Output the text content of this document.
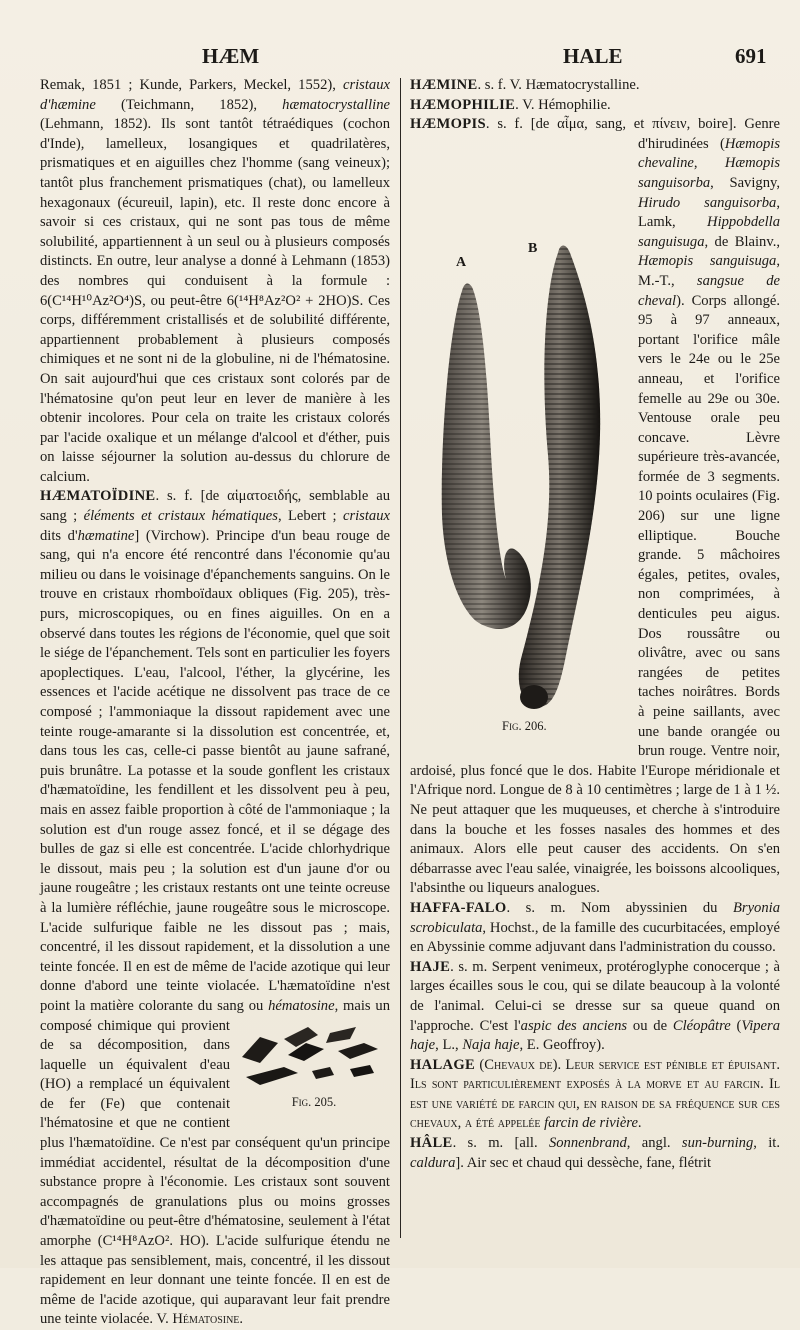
HÆM	HALE	691

Remak, 1851 ; Kunde, Parkers, Meckel, 1552), cristaux d'hæmine (Teichmann, 1852), hæmatocrystalline (Lehmann, 1852). Ils sont tantôt tétraédiques (cochon d'Inde), lamelleux, losangiques et quadrilatères, prismatiques et en aiguilles chez l'homme (sang veineux); tantôt plus franchement prismatiques (chat), ou lamelleux hexagonaux (écureuil, lapin), etc. Il reste donc encore à savoir si ces cristaux, qui ne sont pas tous de même solubilité, appartiennent à un seul ou à plusieurs composés distincts. En outre, leur analyse a donné à Lehmann (1853) des nombres qui conduisent à la formule : 6(C¹⁴H¹⁰Az²O⁴)S, ou peut-être 6(¹⁴H⁸Az²O² + 2HO)S. Ces corps, différemment cristallisés et de solubilité différente, appartiennent probablement à plusieurs composés chimiques et ne sont ni de la globuline, ni de l'hématosine. On sait aujourd'hui que ces cristaux sont colorés par de l'hématosine qu'on peut leur en lever de manière à les obtenir incolores. Pour cela on traite les cristaux colorés par l'acide oxalique et un mélange d'alcool et d'éther, puis on laisse séjourner la solution au-dessus du chlorure de calcium.

HÆMATOÏDINE. s. f. [de αἱματοειδής, semblable au sang ; éléments et cristaux hématiques, Lebert ; cristaux dits d'hæmatine] (Virchow). Principe d'un beau rouge de sang, qui n'a encore été rencontré dans l'économie qu'au milieu ou dans le voisinage d'épanchements sanguins. On le trouve en cristaux rhomboïdaux obliques (Fig. 205), très-purs, microscopiques, ou en fines aiguilles. On en a observé dans toutes les régions de l'économie, quel que soit le siége de l'épanchement. Tels sont en particulier les foyers apoplectiques. L'eau, l'alcool, l'éther, la glycérine, les essences et l'acide acétique ne dissolvent pas trace de ce composé ; l'ammoniaque la dissout rapidement avec une teinte rouge-amarante si la dissolution est concentrée, et, dans tous les cas, celle-ci passe bientôt au jaune safrané, puis brunâtre. La potasse et la soude gonflent les cristaux d'hæmatoïdine, les fendillent et les dissolvent peu à peu, mais en assez faible proportion à côté de l'ammoniaque ; la solution est d'un rouge assez foncé, et il se dégage des bulles de gaz si elle est concentrée. L'acide chlorhydrique le dissout, mais peu ; la solution est d'un jaune d'or ou jaune rougeâtre ; les cristaux restants ont une teinte ocreuse à la lumière réfléchie, jaune rougeâtre sous le microscope. L'acide sulfurique faible ne les dissout pas ; mais, concentré, il les dissout rapidement, et la dissolution a une teinte foncée. Il en est de même de l'acide azotique qui leur donne d'abord une teinte violacée. L'hæmatoïdine n'est point la matière colorante du sang ou
Fig. 205.
hématosine, mais un composé chimique qui provient de sa décomposition, dans laquelle un équivalent d'eau (HO) a remplacé un équivalent de fer (Fe) que contenait l'hématosine et que ne contient plus l'hæmatoïdine. Ce n'est par conséquent qu'un principe immédiat accidentel, résultat de la décomposition d'une substance propre à l'économie. Les cristaux sont souvent accompagnés de granulations plus ou moins grosses d'hæmatoïdine ou peut-être d'hématosine, seulement à l'état amorphe (C¹⁴H⁸AzO². HO). L'acide sulfurique étendu ne les attaque pas sensiblement, mais, concentré, il les dissout rapidement en leur donnant une teinte foncée. Il en est de même de l'acide azotique, qui auparavant leur fait prendre une teinte violacée. V. Hématosine.

HÆMINE. s. f. V. Hæmatocrystalline.

HÆMOPHILIE. V. Hémophilie.

HÆMOPIS. s. f. [de αἷμα, sang, et πίνειν, boire]. Genre d'hirudinées (
A
B
Fig. 206.
Hæmopis chevaline, Hæmopis sanguisorba, Savigny, Hirudo sanguisorba, Lamk, Hippobdella sanguisuga, de Blainv., Hæmopis sanguisuga, M.-T., sangsue de cheval). Corps allongé. 95 à 97 anneaux, portant l'orifice mâle vers le 24e ou le 25e anneau, et l'orifice femelle au 29e ou 30e. Ventouse orale peu concave. Lèvre supérieure très-avancée, formée de 3 segments. 10 points oculaires (Fig. 206) sur une ligne elliptique. Bouche grande. 5 mâchoires égales, petites, ovales, non comprimées, à denticules peu aigus. Dos roussâtre ou olivâtre, avec ou sans rangées de petites taches noirâtres. Bords à peine saillants, avec une bande orangée ou brun rouge. Ventre noir, ardoisé, plus foncé que le dos. Habite l'Europe méridionale et l'Afrique nord. Longue de 8 à 10 centimètres ; large de 1 à 1 ½. Ne peut attaquer que les muqueuses, et cherche à s'introduire dans la bouche et les fosses nasales des hommes et des animaux. Alors elle peut causer des accidents. On s'en débarrasse avec l'eau salée, vinaigrée, les boissons alcooliques, l'absinthe ou liqueurs analogues.

HAFFA-FALO. s. m. Nom abyssinien du Bryonia scrobiculata, Hochst., de la famille des cucurbitacées, employé en Abyssinie comme adjuvant dans l'administration du cousso.

HAJE. s. m. Serpent venimeux, protéroglyphe conocerque ; à larges écailles sous le cou, qui se dilate beaucoup à la volonté de l'animal. Celui-ci se dresse sur sa queue quand on l'approche. C'est l'aspic des anciens ou de Cléopâtre (Vipera haje, L., Naja haje, E. Geoffroy).

HALAGE (Chevaux de). Leur service est pénible et épuisant. Ils sont particulièrement exposés à la morve et au farcin. Il est une variété de farcin qui, en raison de sa fréquence sur ces chevaux, a été appelée farcin de rivière.

HÂLE. s. m. [all. Sonnenbrand, angl. sun-burning, it. caldura]. Air sec et chaud qui dessèche, fane, flétrit
